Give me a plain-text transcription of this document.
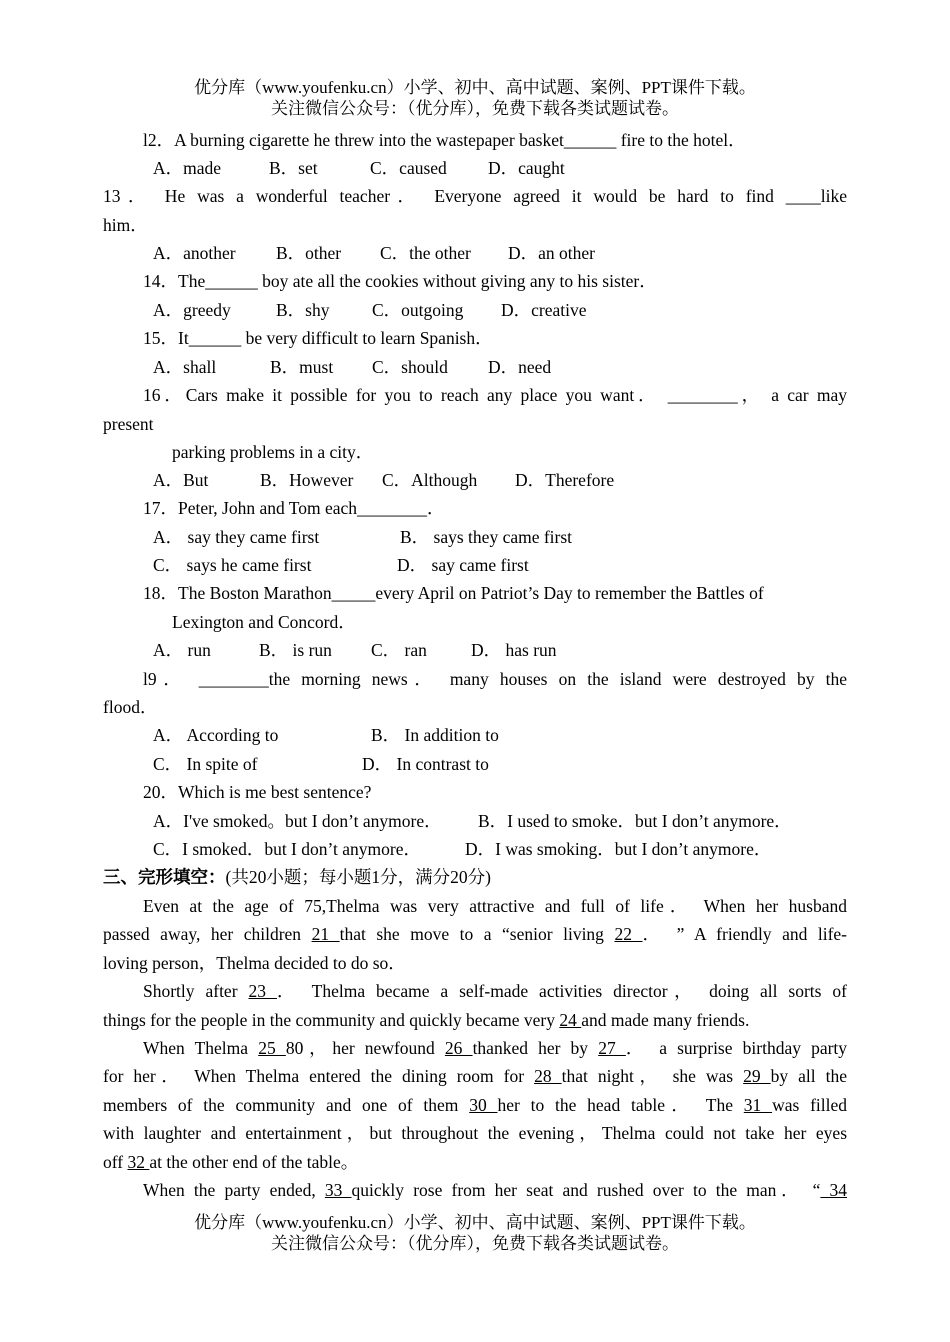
优分库（www.youfenku.cn）小学、初中、高中试题、案例、PPT课件下载。
关注微信公众号：（优分库），免费下载各类试题试卷。
l2．A burning cigarette he threw into the wastepaper basket______ fire to the hotel．
A．made	B．set	C．caused D．caught
13． He was a wonderful teacher． Everyone agreed it would be hard to find ____like
him．
A．another B．other C．the other D．an other
14．The______ boy ate all the cookies without giving any to his sister．
A．greedy	B．shy C．outgoing D．creative
15．It______ be very difficult to learn Spanish．
A．shall	B．must C．should D．need
16．Cars make it possible for you to reach any place you want． ________， a car may
present
parking problems in a city．
A．But	B．However C．Although D．Therefore
17．Peter, John and Tom each________．
A． say they came first	B． says they came first
C． says he came first	D． say came first
18．The Boston Marathon_____every April on Patriot’s Day to remember the Battles of
Lexington and Concord．
A． run	B． is run C． ran	D． has run
l9． ________the morning news． many houses on the island were destroyed by the
flood．
A． According to	B． In addition to
C． In spite of	D． In contrast to
20．Which is me best sentence?
A．I've smoked。but I don’t anymore． B．I used to smoke．but I don’t anymore．
C．I smoked．but I don’t anymore．	D．I was smoking．but I don’t anymore．
三、完形填空：(共20小题；每小题1分，满分20分)
Even at the age of 75,Thelma was very attractive and full of life． When her husband
passed away, her children 21 that she move to a “senior living 22 ． ” A friendly and life-
loving person，Thelma decided to do so．
Shortly after 23 ． Thelma became a self-made activities director， doing all sorts of
things for the people in the community and quickly became very 24 and made many friends.
When Thelma 25 80，her newfound 26 thanked her by 27 ． a surprise birthday party
for her． When Thelma entered the dining room for 28 that night， she was 29 by all the
members of the community and one of them 30 her to the head table． The 31 was filled
with laughter and entertainment，but throughout the evening，Thelma could not take her eyes
off 32 at the other end of the table。
When the party ended, 33 quickly rose from her seat and rushed over to the man． “ 34
优分库（www.youfenku.cn）小学、初中、高中试题、案例、PPT课件下载。
关注微信公众号：（优分库），免费下载各类试题试卷。
